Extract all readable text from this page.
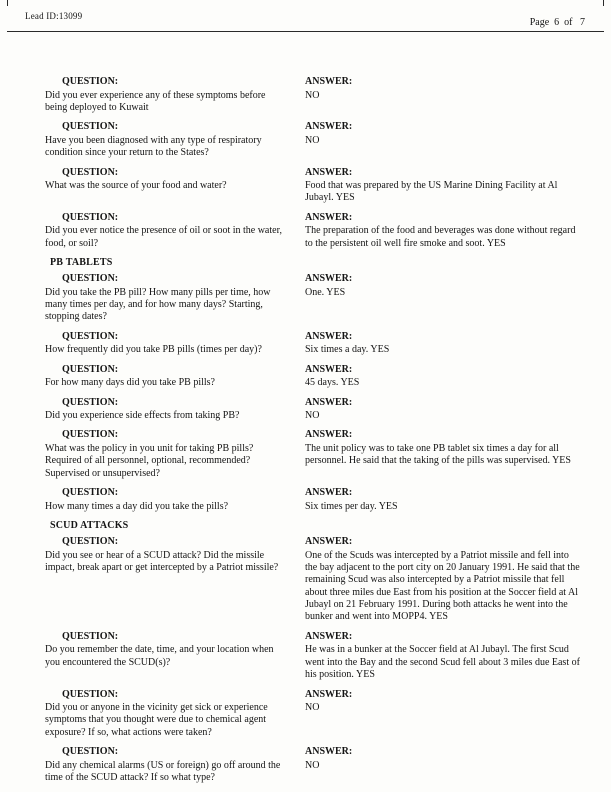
Lead ID:13099
Page  6  of   7
QUESTION:
Did you ever experience any of these symptoms before being deployed to Kuwait
ANSWER:
NO
QUESTION:
Have you been diagnosed with any type of respiratory condition since your return to the States?
ANSWER:
NO
QUESTION:
What was the source of your food and water?
ANSWER:
Food that was prepared by the US Marine Dining Facility at Al Jubayl. YES
QUESTION:
Did you ever notice the presence of oil or soot in the water, food, or soil?
ANSWER:
The preparation of the food and beverages was done without regard to the persistent oil well fire smoke and soot. YES
PB TABLETS
QUESTION:
Did you take the PB pill? How many pills per time, how many times per day, and for how many days? Starting, stopping dates?
ANSWER:
One. YES
QUESTION:
How frequently did you take PB pills (times per day)?
ANSWER:
Six times a day. YES
QUESTION:
For how many days did you take PB pills?
ANSWER:
45 days. YES
QUESTION:
Did you experience side effects from taking PB?
ANSWER:
NO
QUESTION:
What was the policy in you unit for taking PB pills? Required of all personnel, optional, recommended? Supervised or unsupervised?
ANSWER:
The unit policy was to take one PB tablet six times a day for all personnel. He said that the taking of the pills was supervised. YES
QUESTION:
How many times a day did you take the pills?
ANSWER:
Six times per day. YES
SCUD ATTACKS
QUESTION:
Did you see or hear of a SCUD attack? Did the missile impact, break apart or get intercepted by a Patriot missile?
ANSWER:
One of the Scuds was intercepted by a Patriot missile and fell into the bay adjacent to the port city on 20 January 1991. He said that the remaining Scud was also intercepted by a Patriot missile that fell about three miles due East from his position at the Soccer field at Al Jubayl on 21 February 1991. During both attacks he went into the bunker and went into MOPP4. YES
QUESTION:
Do you remember the date, time, and your location when you encountered the SCUD(s)?
ANSWER:
He was in a bunker at the Soccer field at Al Jubayl. The first Scud went into the Bay and the second Scud fell about 3 miles due East of his position. YES
QUESTION:
Did you or anyone in the vicinity get sick or experience symptoms that you thought were due to chemical agent exposure? If so, what actions were taken?
ANSWER:
NO
QUESTION:
Did any chemical alarms (US or foreign) go off around the time of the SCUD attack? If so what type?
ANSWER:
NO
